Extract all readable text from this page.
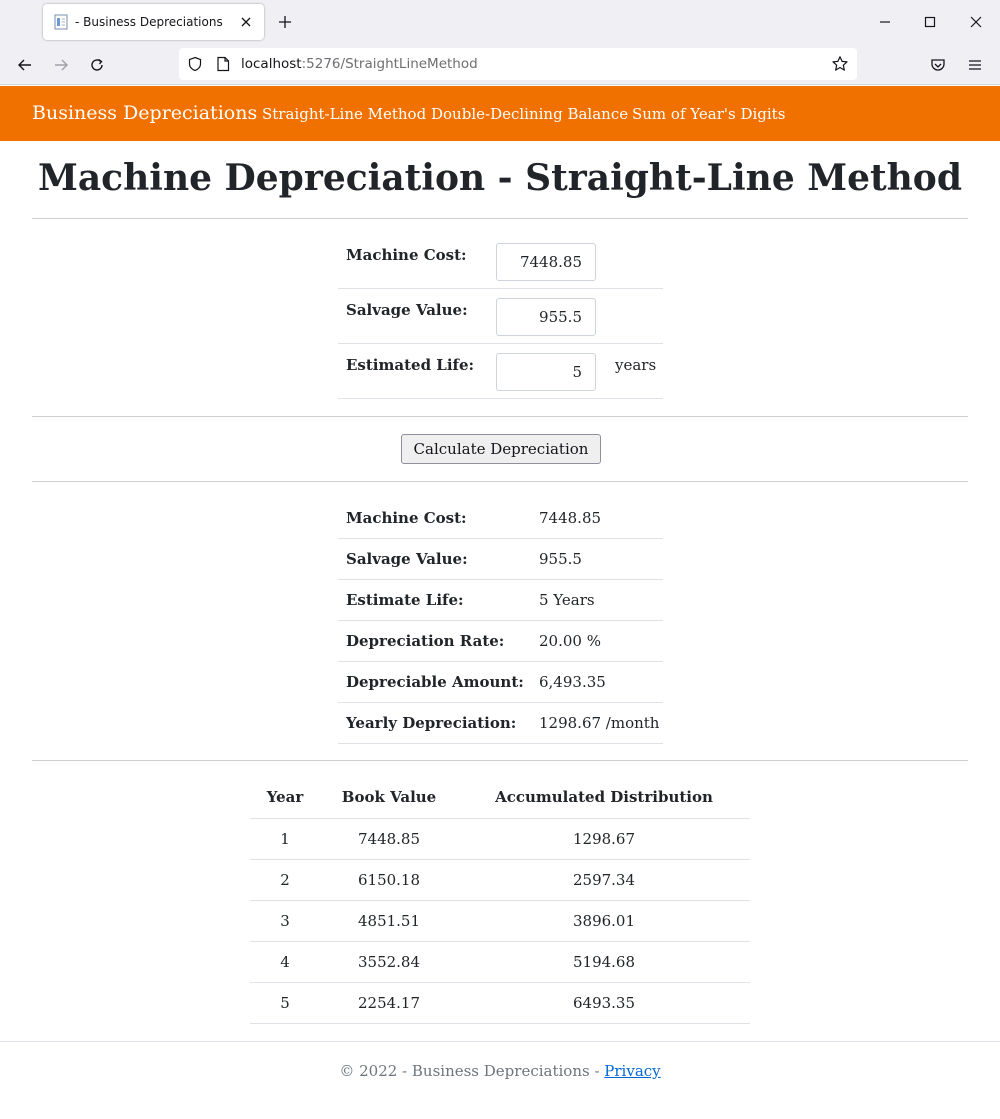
- Business Depreciations
localhost:5276/StraightLineMethod
Business Depreciations Straight-Line Method Double-Declining Balance Sum of Year's Digits
Machine Depreciation - Straight-Line Method
Machine Cost:
7448.85
Salvage Value:
955.5
Estimated Life:
5	years
Calculate Depreciation
Machine Cost:	7448.85
Salvage Value:	955.5
Estimate Life:	5 Years
Depreciation Rate: 20.00 %
Depreciable Amount: 6,493.35
Yearly Depreciation: 1298.67 /month
Year	Book Value	Accumulated Distribution
1	7448.85	1298.67
2	6150.18	2597.34
3	4851.51	3896.01
4	3552.84	5194.68
5	2254.17	6493.35
© 2022 - Business Depreciations - Privacy
